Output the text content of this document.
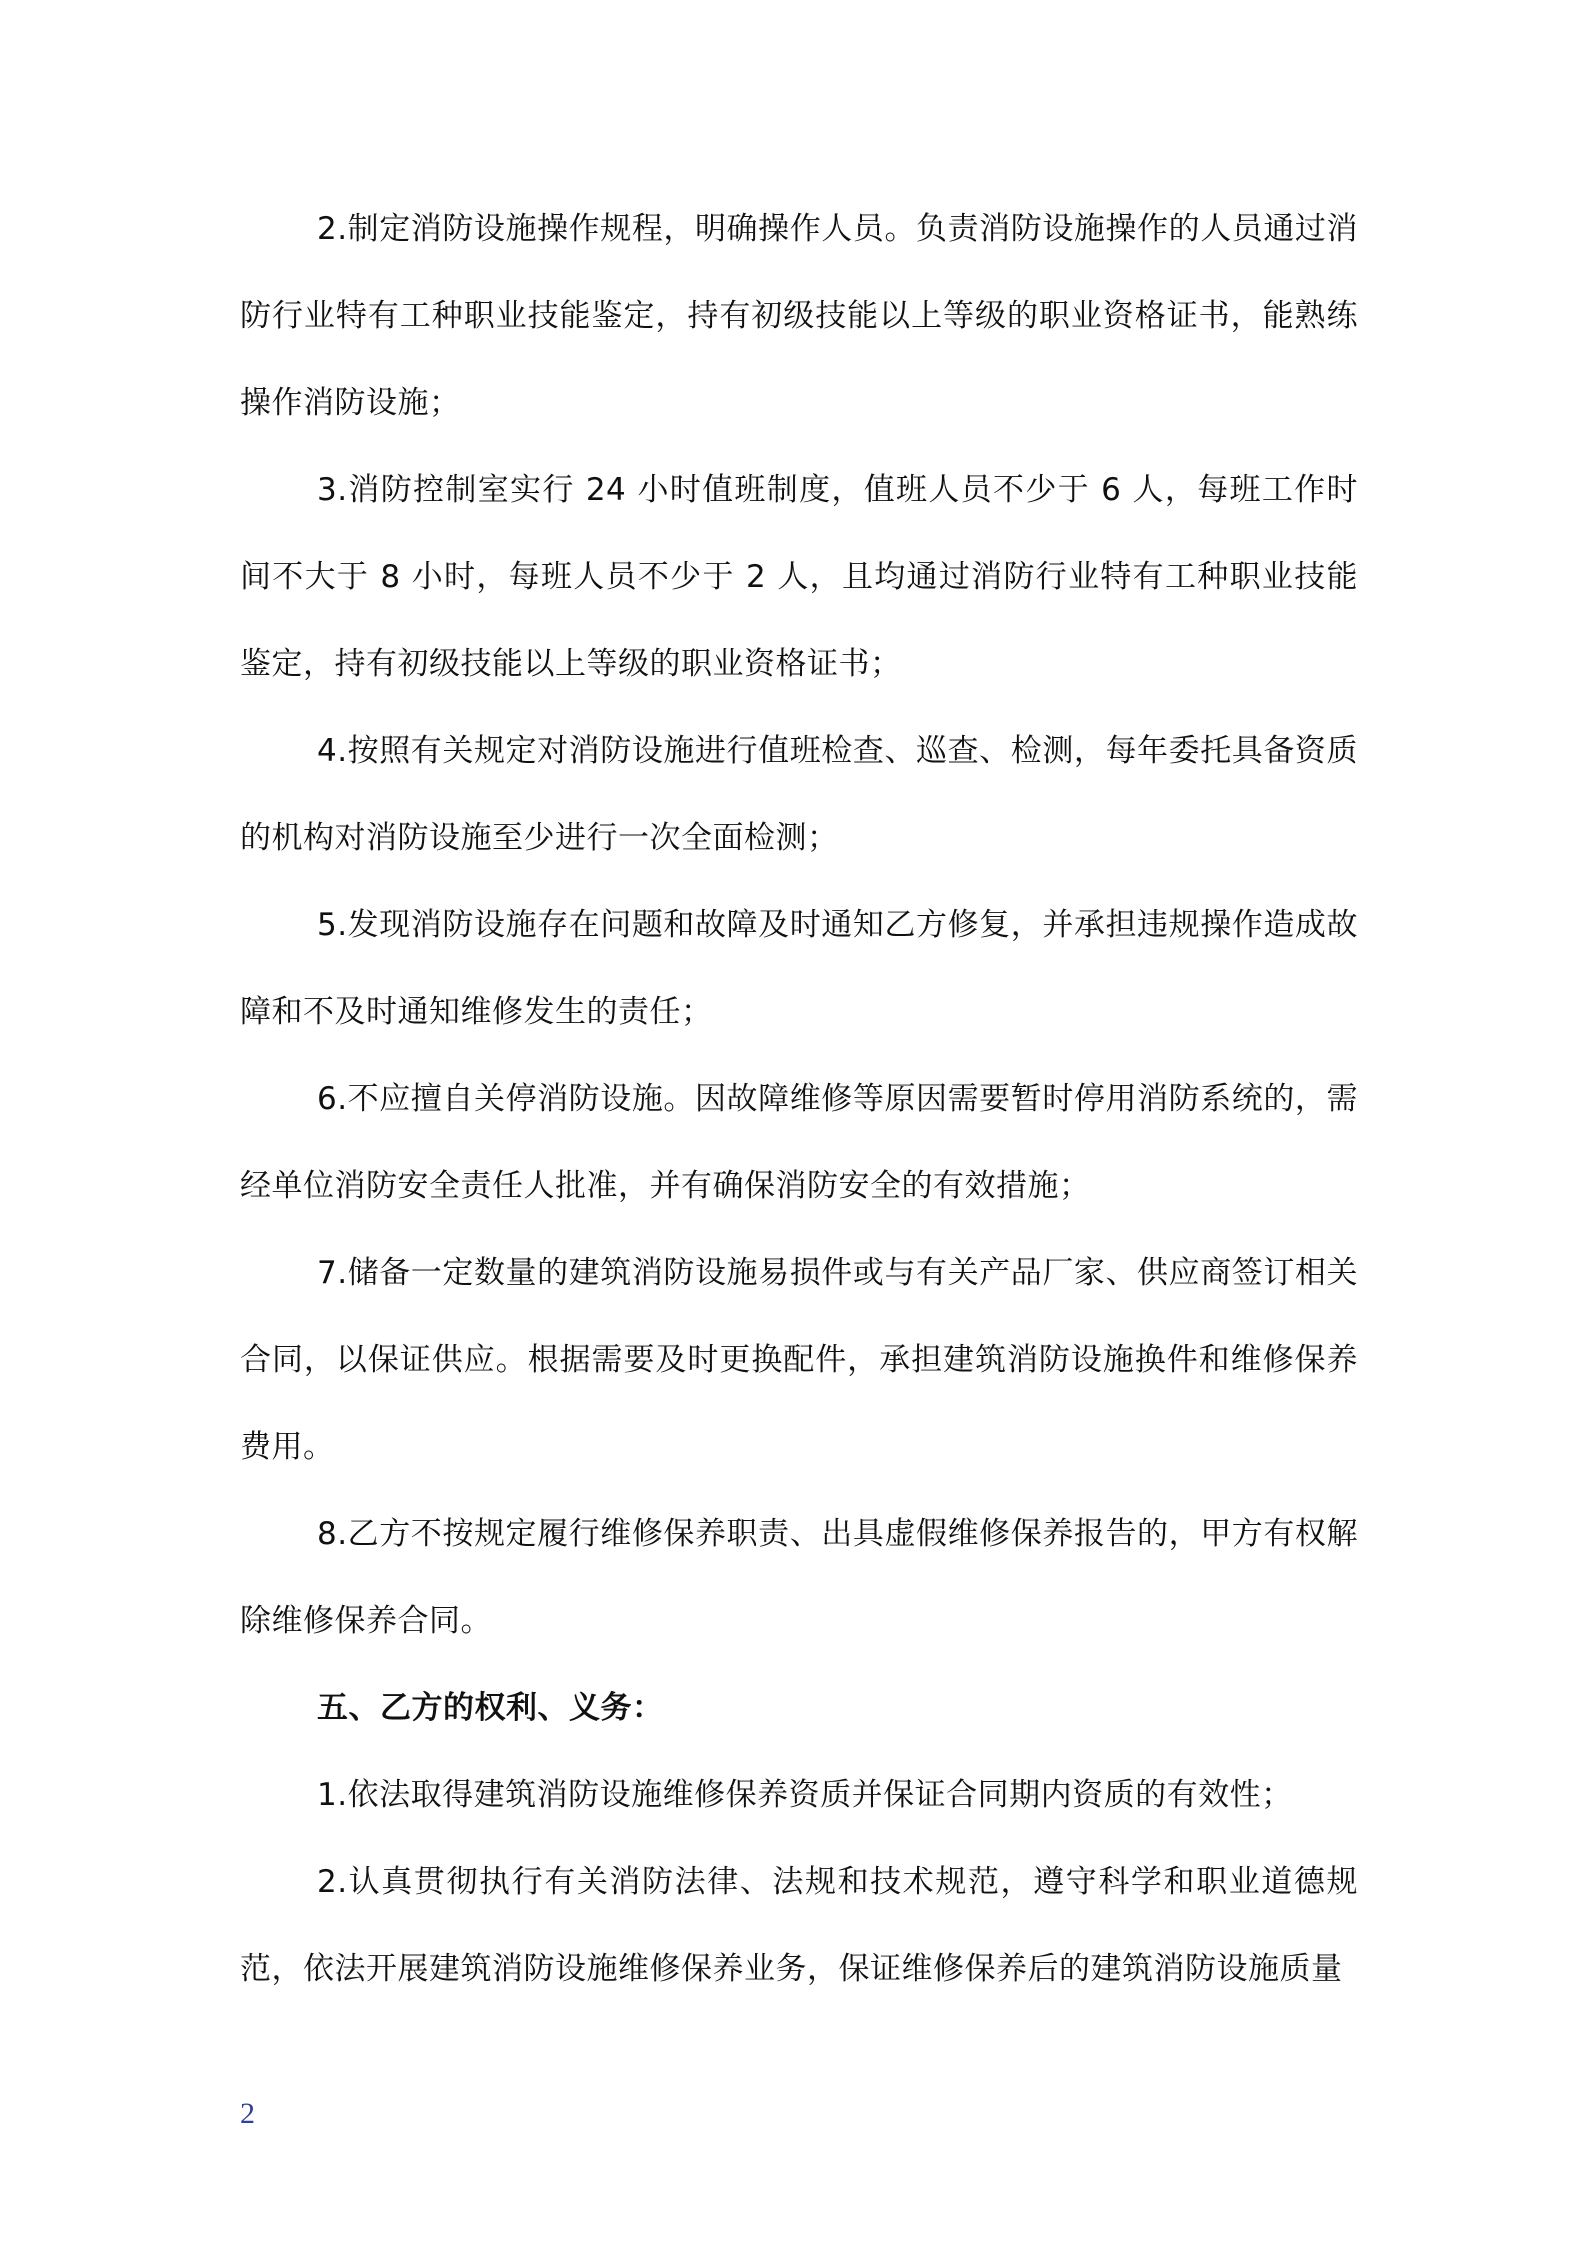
2.制定消防设施操作规程，明确操作人员。负责消防设施操作的人员通过消防行业特有工种职业技能鉴定，持有初级技能以上等级的职业资格证书，能熟练操作消防设施；

3.消防控制室实行 24 小时值班制度，值班人员不少于 6 人，每班工作时间不大于 8 小时，每班人员不少于 2 人，且均通过消防行业特有工种职业技能鉴定，持有初级技能以上等级的职业资格证书；

4.按照有关规定对消防设施进行值班检查、巡查、检测，每年委托具备资质的机构对消防设施至少进行一次全面检测；

5.发现消防设施存在问题和故障及时通知乙方修复，并承担违规操作造成故障和不及时通知维修发生的责任；

6.不应擅自关停消防设施。因故障维修等原因需要暂时停用消防系统的，需经单位消防安全责任人批准，并有确保消防安全的有效措施；

7.储备一定数量的建筑消防设施易损件或与有关产品厂家、供应商签订相关合同，以保证供应。根据需要及时更换配件，承担建筑消防设施换件和维修保养费用。

8.乙方不按规定履行维修保养职责、出具虚假维修保养报告的，甲方有权解除维修保养合同。

五、乙方的权利、义务：

1.依法取得建筑消防设施维修保养资质并保证合同期内资质的有效性；

2.认真贯彻执行有关消防法律、法规和技术规范，遵守科学和职业道德规范，依法开展建筑消防设施维修保养业务，保证维修保养后的建筑消防设施质量

2
